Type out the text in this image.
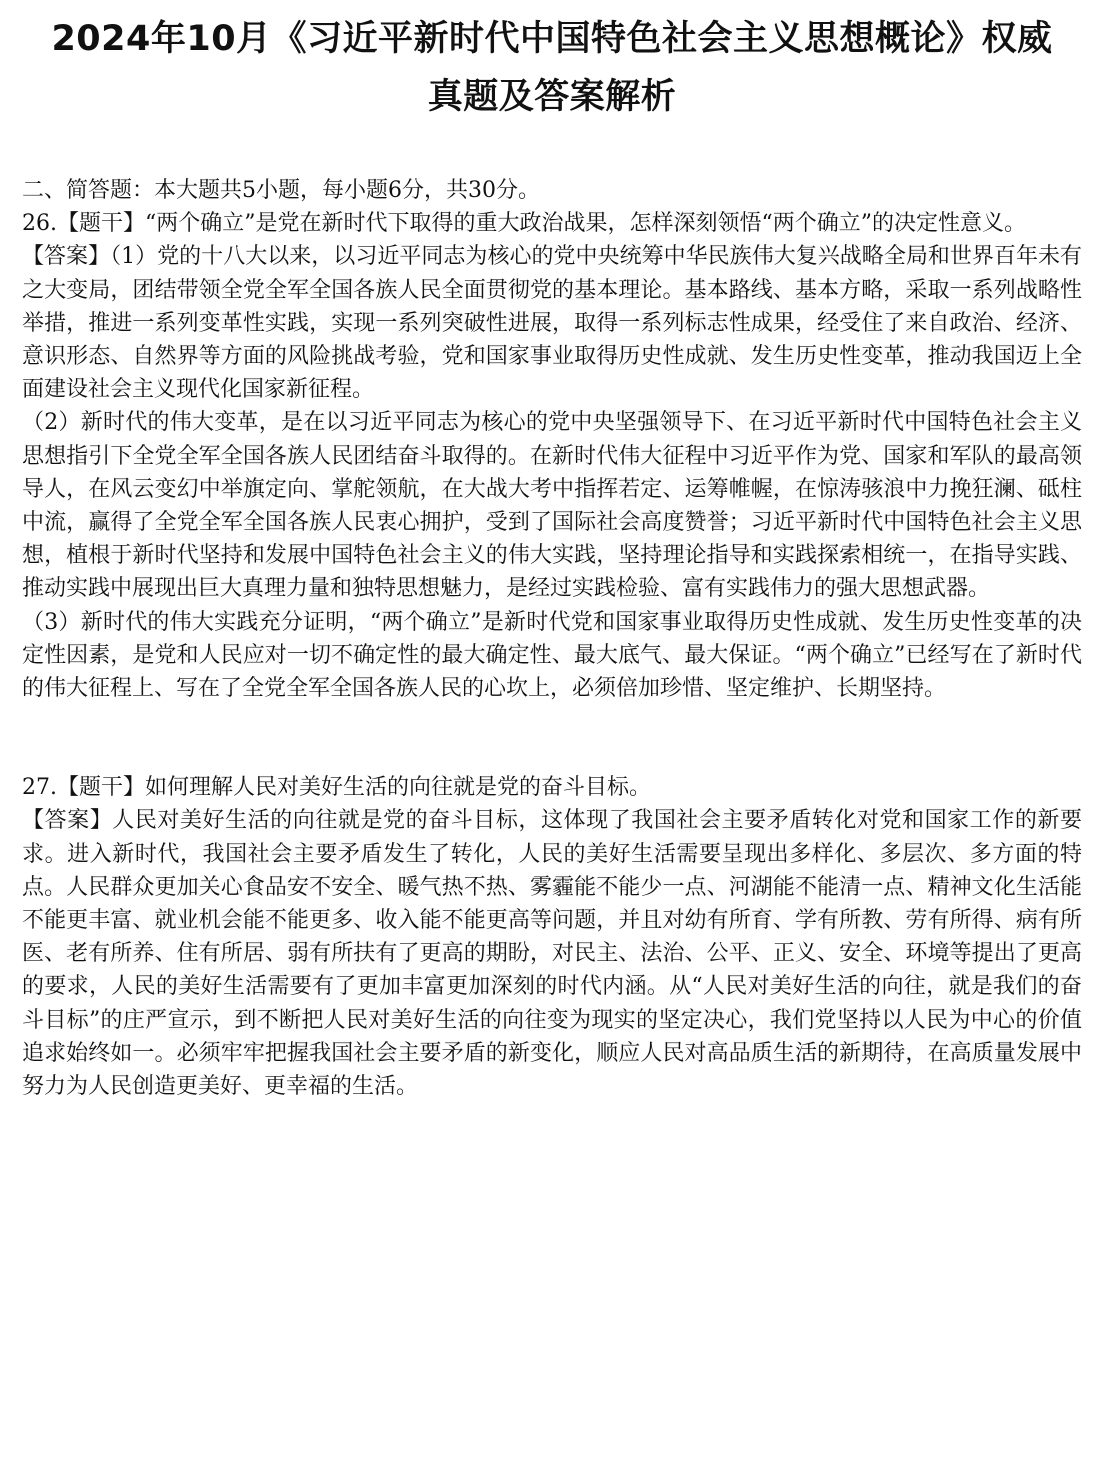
2024年10月《习近平新时代中国特色社会主义思想概论》权威
真题及答案解析

二、简答题：本大题共5小题，每小题6分，共30分。

26.【题干】“两个确立”是党在新时代下取得的重大政治战果，怎样深刻领悟“两个确立”的决定性意义。

【答案】（1）党的十八大以来，以习近平同志为核心的党中央统筹中华民族伟大复兴战略全局和世界百年未有之大变局，团结带领全党全军全国各族人民全面贯彻党的基本理论。基本路线、基本方略，采取一系列战略性举措，推进一系列变革性实践，实现一系列突破性进展，取得一系列标志性成果，经受住了来自政治、经济、意识形态、自然界等方面的风险挑战考验，党和国家事业取得历史性成就、发生历史性变革，推动我国迈上全面建设社会主义现代化国家新征程。

（2）新时代的伟大变革，是在以习近平同志为核心的党中央坚强领导下、在习近平新时代中国特色社会主义思想指引下全党全军全国各族人民团结奋斗取得的。在新时代伟大征程中习近平作为党、国家和军队的最高领导人，在风云变幻中举旗定向、掌舵领航，在大战大考中指挥若定、运筹帷幄，在惊涛骇浪中力挽狂澜、砥柱中流，赢得了全党全军全国各族人民衷心拥护，受到了国际社会高度赞誉；习近平新时代中国特色社会主义思想，植根于新时代坚持和发展中国特色社会主义的伟大实践，坚持理论指导和实践探索相统一，在指导实践、推动实践中展现出巨大真理力量和独特思想魅力，是经过实践检验、富有实践伟力的强大思想武器。

（3）新时代的伟大实践充分证明，“两个确立”是新时代党和国家事业取得历史性成就、发生历史性变革的决定性因素，是党和人民应对一切不确定性的最大确定性、最大底气、最大保证。“两个确立”已经写在了新时代的伟大征程上、写在了全党全军全国各族人民的心坎上，必须倍加珍惜、坚定维护、长期坚持。

27.【题干】如何理解人民对美好生活的向往就是党的奋斗目标。

【答案】人民对美好生活的向往就是党的奋斗目标，这体现了我国社会主要矛盾转化对党和国家工作的新要求。进入新时代，我国社会主要矛盾发生了转化，人民的美好生活需要呈现出多样化、多层次、多方面的特点。人民群众更加关心食品安不安全、暖气热不热、雾霾能不能少一点、河湖能不能清一点、精神文化生活能不能更丰富、就业机会能不能更多、收入能不能更高等问题，并且对幼有所育、学有所教、劳有所得、病有所医、老有所养、住有所居、弱有所扶有了更高的期盼，对民主、法治、公平、正义、安全、环境等提出了更高的要求，人民的美好生活需要有了更加丰富更加深刻的时代内涵。从“人民对美好生活的向往，就是我们的奋斗目标”的庄严宣示，到不断把人民对美好生活的向往变为现实的坚定决心，我们党坚持以人民为中心的价值追求始终如一。必须牢牢把握我国社会主要矛盾的新变化，顺应人民对高品质生活的新期待，在高质量发展中努力为人民创造更美好、更幸福的生活。
